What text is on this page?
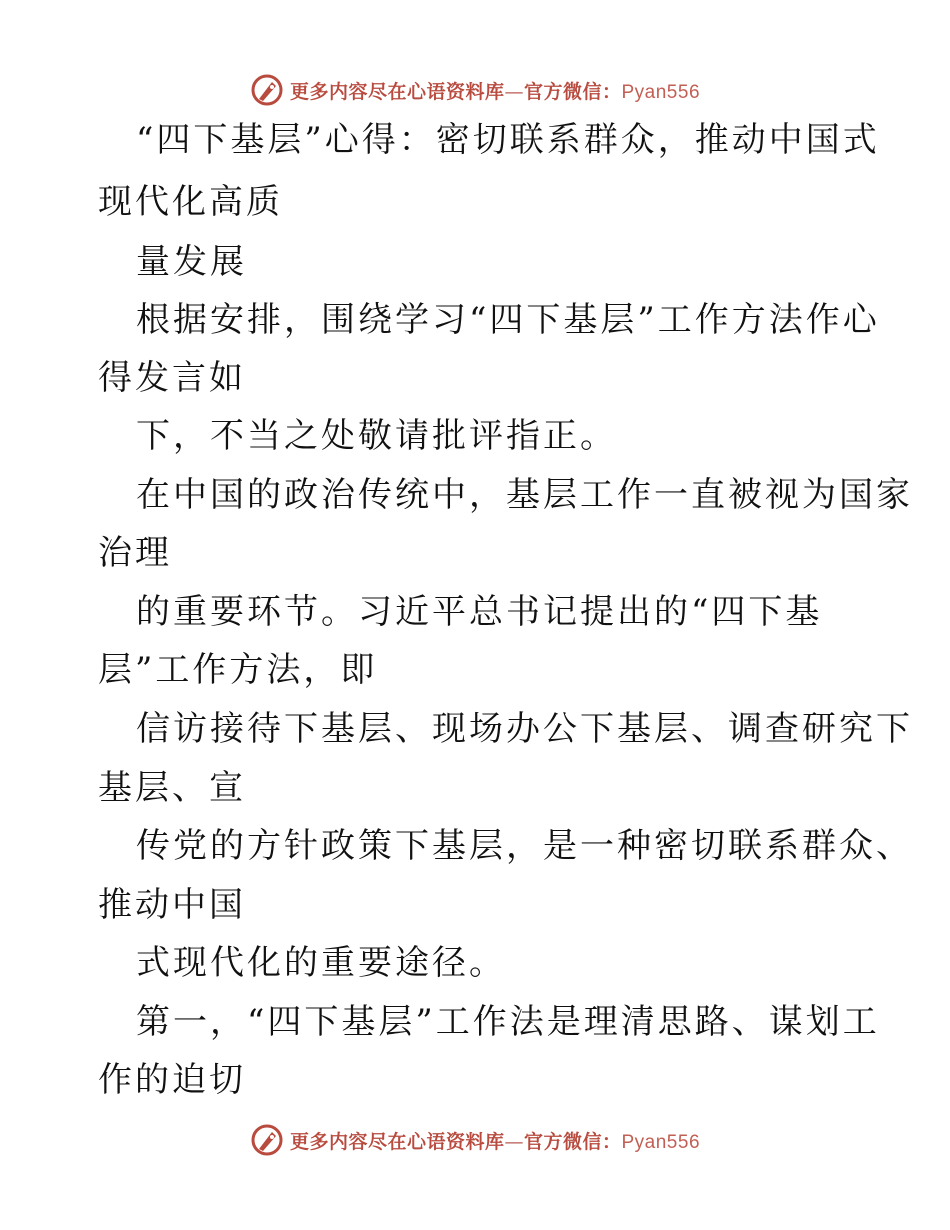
更多内容尽在心语资料库—官方微信：Pyan556
“四下基层”心得：密切联系群众，推动中国式
现代化高质
量发展
根据安排，围绕学习“四下基层”工作方法作心
得发言如
下，不当之处敬请批评指正。
在中国的政治传统中，基层工作一直被视为国家
治理
的重要环节。习近平总书记提出的“四下基
层”工作方法，即
信访接待下基层、现场办公下基层、调查研究下
基层、宣
传党的方针政策下基层，是一种密切联系群众、
推动中国
式现代化的重要途径。
第一，“四下基层”工作法是理清思路、谋划工
作的迫切
更多内容尽在心语资料库—官方微信：Pyan556
